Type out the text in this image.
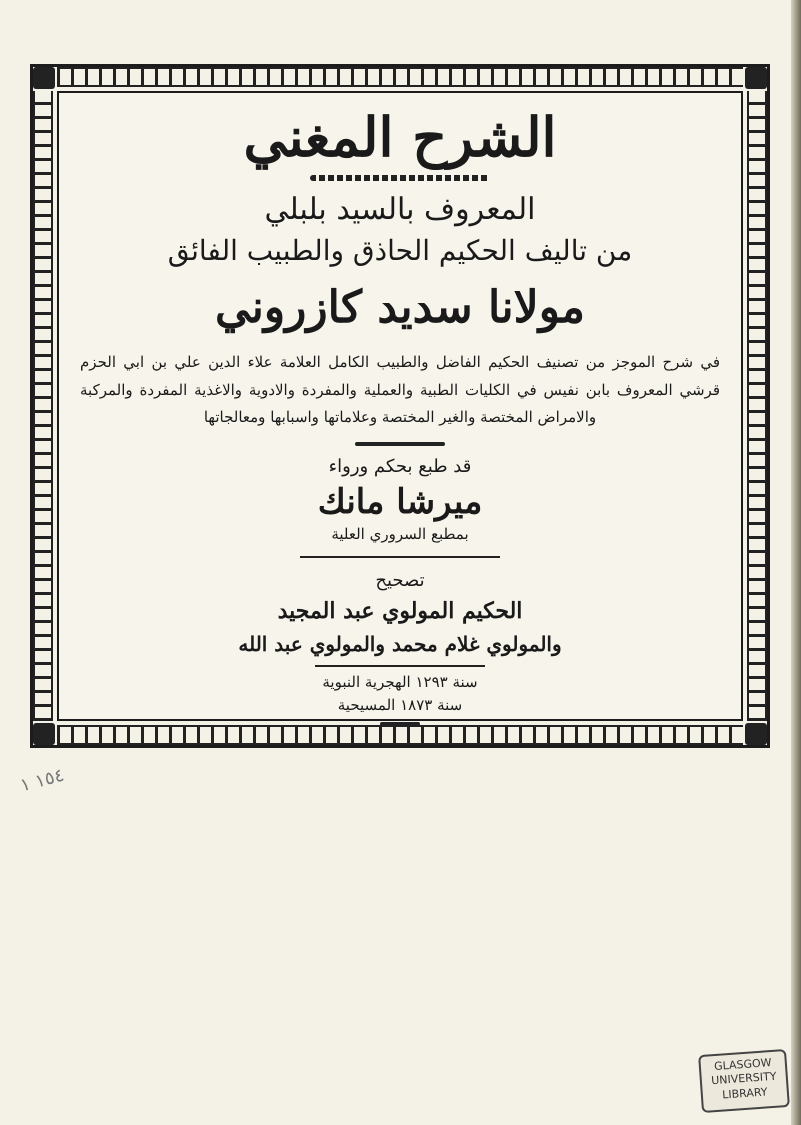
الشرح المغني
المعروف بالسيد بلبلي
من تاليف الحكيم الحاذق والطبيب الفائق
مولانا سديد كازروني
في شرح الموجز من تصنيف الحكيم الفاضل والطبيب الكامل العلامة علاء الدين علي بن ابي الحزم قرشي المعروف بابن نفيس في الكليات الطبية والعملية والمفردة والادوية والاغذية المفردة والمركبة والامراض المختصة والغير المختصة وعلاماتها واسبابها ومعالجاتها
قد طبع بحكم ورواء
ميرشا مانك
بمطبع السروري العلية
تصحيح
الحكيم المولوي عبد المجيد
والمولوي غلام محمد والمولوي عبد الله
سنة ١٢٩٣ الهجرية النبوية
سنة ١٨٧٣ المسيحية
١٥٤ ١
GLASGOW UNIVERSITY LIBRARY
